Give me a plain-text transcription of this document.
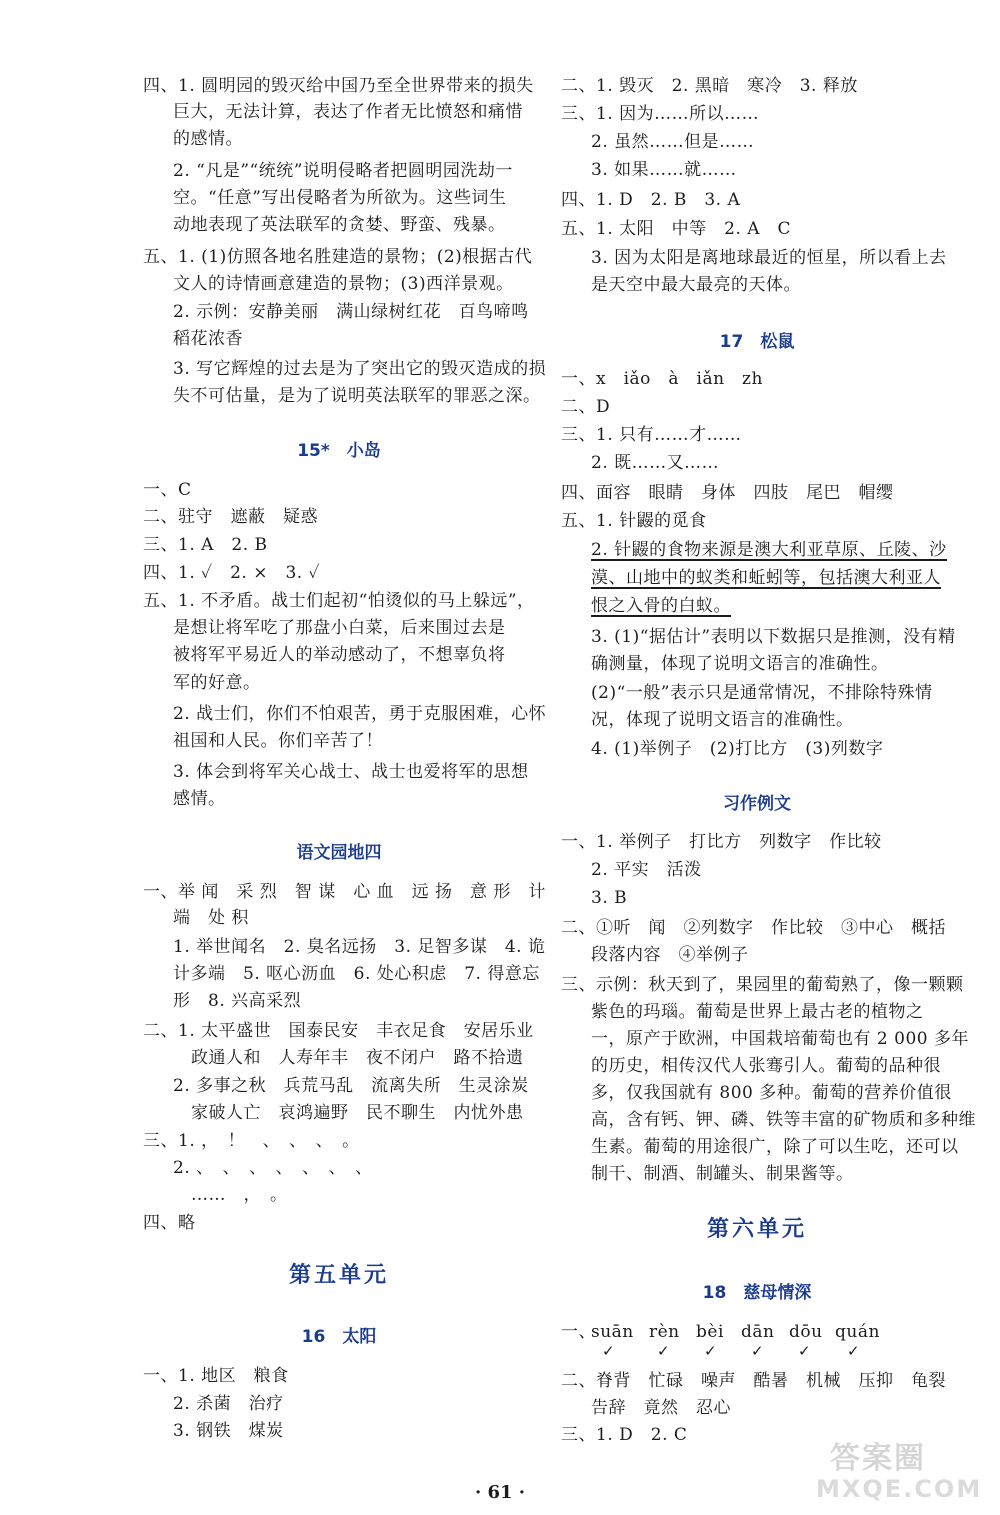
四、1. 圆明园的毁灭给中国乃至全世界带来的损失
巨大，无法计算，表达了作者无比愤怒和痛惜
的感情。
2. “凡是”“统统”说明侵略者把圆明园洗劫一
空。“任意”写出侵略者为所欲为。这些词生
动地表现了英法联军的贪婪、野蛮、残暴。
五、1. (1)仿照各地名胜建造的景物；(2)根据古代
文人的诗情画意建造的景物；(3)西洋景观。
2. 示例：安静美丽　满山绿树红花　百鸟啼鸣
稻花浓香
3. 写它辉煌的过去是为了突出它的毁灭造成的损
失不可估量，是为了说明英法联军的罪恶之深。
15*　小岛
一、C
二、驻守　遮蔽　疑惑
三、1. A　2. B
四、1. ✓　2. ×　3. ✓
五、1. 不矛盾。战士们起初“怕烫似的马上躲远”，
是想让将军吃了那盘小白菜，后来围过去是
被将军平易近人的举动感动了，不想辜负将
军的好意。
2. 战士们，你们不怕艰苦，勇于克服困难，心怀
祖国和人民。你们辛苦了！
3. 体会到将军关心战士、战士也爱将军的思想
感情。
语文园地四
一、举 闻　采 烈　智 谋　心 血　远 扬　意 形　计
端　处 积
1. 举世闻名　2. 臭名远扬　3. 足智多谋　4. 诡
计多端　5. 呕心沥血　6. 处心积虑　7. 得意忘
形　8. 兴高采烈
二、1. 太平盛世　国泰民安　丰衣足食　安居乐业
政通人和　人寿年丰　夜不闭户　路不拾遗
2. 多事之秋　兵荒马乱　流离失所　生灵涂炭
家破人亡　哀鸿遍野　民不聊生　内忧外患
三、1. ，　！　、　、　、　。
2. 、　、　、　、　、　、　、
……　，　。
四、略
第五单元
16　太阳
一、1. 地区　粮食
2. 杀菌　治疗
3. 钢铁　煤炭
二、1. 毁灭　2. 黑暗　寒冷　3. 释放
三、1. 因为……所以……
2. 虽然……但是……
3. 如果……就……
四、1. D　2. B　3. A
五、1. 太阳　中等　2. A　C
3. 因为太阳是离地球最近的恒星，所以看上去
是天空中最大最亮的天体。
17　松鼠
一、x　iǎo　à　iǎn　zh
二、D
三、1. 只有……才……
2. 既……又……
四、面容　眼睛　身体　四肢　尾巴　帽缨
五、1. 针鼹的觅食
2. 针鼹的食物来源是澳大利亚草原、丘陵、沙
漠、山地中的蚁类和蚯蚓等，包括澳大利亚人
恨之入骨的白蚁。
3. (1)“据估计”表明以下数据只是推测，没有精
确测量，体现了说明文语言的准确性。
(2)“一般”表示只是通常情况，不排除特殊情
况，体现了说明文语言的准确性。
4. (1)举例子　(2)打比方　(3)列数字
习作例文
一、1. 举例子　打比方　列数字　作比较
2. 平实　活泼
3. B
二、①听　闻　②列数字　作比较　③中心　概括
段落内容　④举例子
三、示例：秋天到了，果园里的葡萄熟了，像一颗颗
紫色的玛瑙。葡萄是世界上最古老的植物之
一，原产于欧洲，中国栽培葡萄也有 2 000 多年
的历史，相传汉代人张骞引人。葡萄的品种很
多，仅我国就有 800 多种。葡萄的营养价值很
高，含有钙、钾、磷、铁等丰富的矿物质和多种维
生素。葡萄的用途很广，除了可以生吃，还可以
制干、制酒、制罐头、制果酱等。
第六单元
18　慈母情深
一、
suān rèn bèi dān dōu quán
✓	✓ ✓ ✓ ✓ ✓
二、脊背　忙碌　噪声　酷暑　机械　压抑　龟裂
告辞　竟然　忍心
三、1. D　2. C
· 61 ·
答案圈
MXQE.COM
